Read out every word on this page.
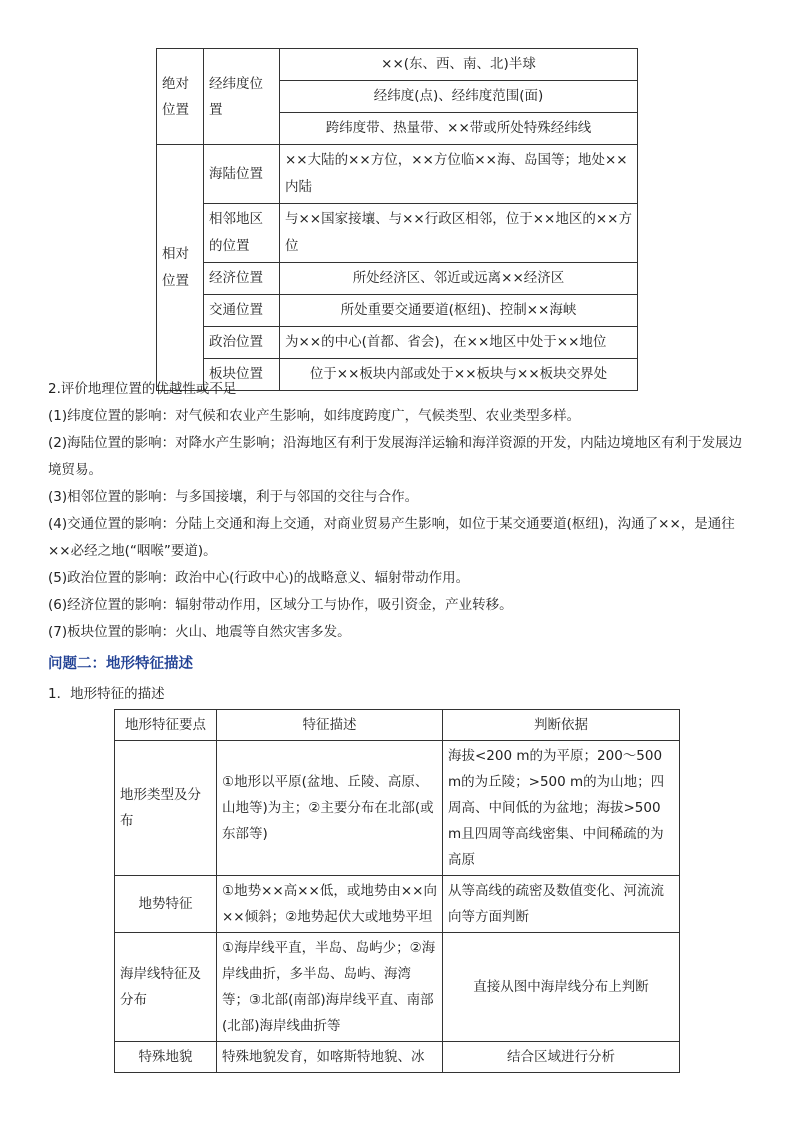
绝对位置	经纬度位置	××(东、西、南、北)半球
		经纬度(点)、经纬度范围(面)
		跨纬度带、热量带、××带或所处特殊经纬线
相对位置	海陆位置	××大陆的××方位，××方位临××海、岛国等；地处××内陆
	相邻地区的位置	与××国家接壤、与××行政区相邻，位于××地区的××方位
	经济位置	所处经济区、邻近或远离××经济区
	交通位置	所处重要交通要道(枢纽)、控制××海峡
	政治位置	为××的中心(首都、省会)，在××地区中处于××地位
	板块位置	位于××板块内部或处于××板块与××板块交界处
2.评价地理位置的优越性或不足
(1)纬度位置的影响：对气候和农业产生影响，如纬度跨度广，气候类型、农业类型多样。
(2)海陆位置的影响：对降水产生影响；沿海地区有利于发展海洋运输和海洋资源的开发，内陆边境地区有利于发展边境贸易。
(3)相邻位置的影响：与多国接壤，利于与邻国的交往与合作。
(4)交通位置的影响：分陆上交通和海上交通，对商业贸易产生影响，如位于某交通要道(枢纽)，沟通了××，是通往××必经之地(“咽喉”要道)。
(5)政治位置的影响：政治中心(行政中心)的战略意义、辐射带动作用。
(6)经济位置的影响：辐射带动作用，区域分工与协作，吸引资金，产业转移。
(7)板块位置的影响：火山、地震等自然灾害多发。
问题二：地形特征描述
1．地形特征的描述
地形特征要点	特征描述	判断依据
地形类型及分布	①地形以平原(盆地、丘陵、高原、山地等)为主；②主要分布在北部(或东部等)	海拔<200 m的为平原；200～500 m的为丘陵；>500 m的为山地；四周高、中间低的为盆地；海拔>500 m且四周等高线密集、中间稀疏的为高原
地势特征	①地势××高××低，或地势由××向××倾斜；②地势起伏大或地势平坦	从等高线的疏密及数值变化、河流流向等方面判断
海岸线特征及分布	①海岸线平直，半岛、岛屿少；②海岸线曲折，多半岛、岛屿、海湾等；③北部(南部)海岸线平直、南部(北部)海岸线曲折等	直接从图中海岸线分布上判断
特殊地貌	特殊地貌发育，如喀斯特地貌、冰	结合区域进行分析
